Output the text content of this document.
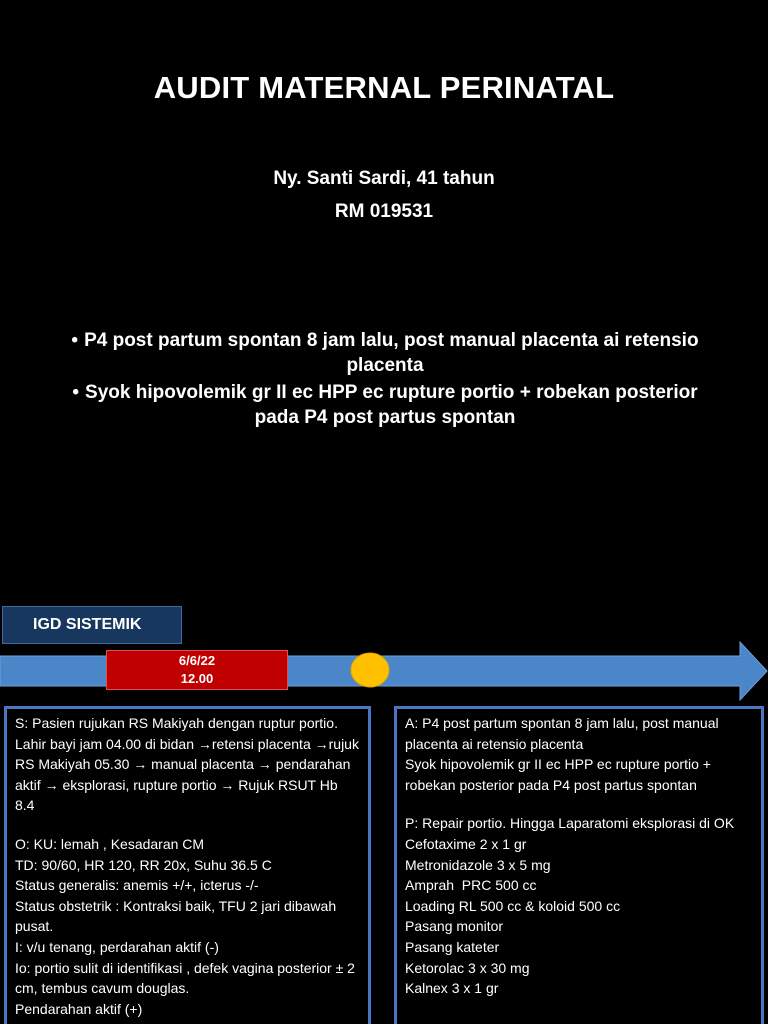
AUDIT MATERNAL PERINATAL
Ny. Santi Sardi, 41 tahun
RM 019531
• P4 post partum spontan 8 jam lalu, post manual placenta ai retensio placenta
• Syok hipovolemik gr II ec HPP ec rupture portio + robekan posterior pada P4 post partus spontan
IGD SISTEMIK
6/6/22
12.00
S: Pasien rujukan RS Makiyah dengan ruptur portio. Lahir bayi jam 04.00 di bidan →retensi placenta →rujuk RS Makiyah 05.30 → manual placenta → pendarahan aktif → eksplorasi, rupture portio → Rujuk RSUT Hb 8.4
O: KU: lemah , Kesadaran CM
TD: 90/60, HR 120, RR 20x, Suhu 36.5 C
Status generalis: anemis +/+, icterus -/-
Status obstetrik : Kontraksi baik, TFU 2 jari dibawah pusat.
I: v/u tenang, perdarahan aktif (-)
Io: portio sulit di identifikasi , defek vagina posterior ± 2 cm, tembus cavum douglas.
Pendarahan aktif (+)
A: P4 post partum spontan 8 jam lalu, post manual placenta ai retensio placenta
Syok hipovolemik gr II ec HPP ec rupture portio + robekan posterior pada P4 post partus spontan
P: Repair portio. Hingga Laparatomi eksplorasi di OK
Cefotaxime 2 x 1 gr
Metronidazole 3 x 5 mg
Amprah  PRC 500 cc
Loading RL 500 cc & koloid 500 cc
Pasang monitor
Pasang kateter
Ketorolac 3 x 30 mg
Kalnex 3 x 1 gr
